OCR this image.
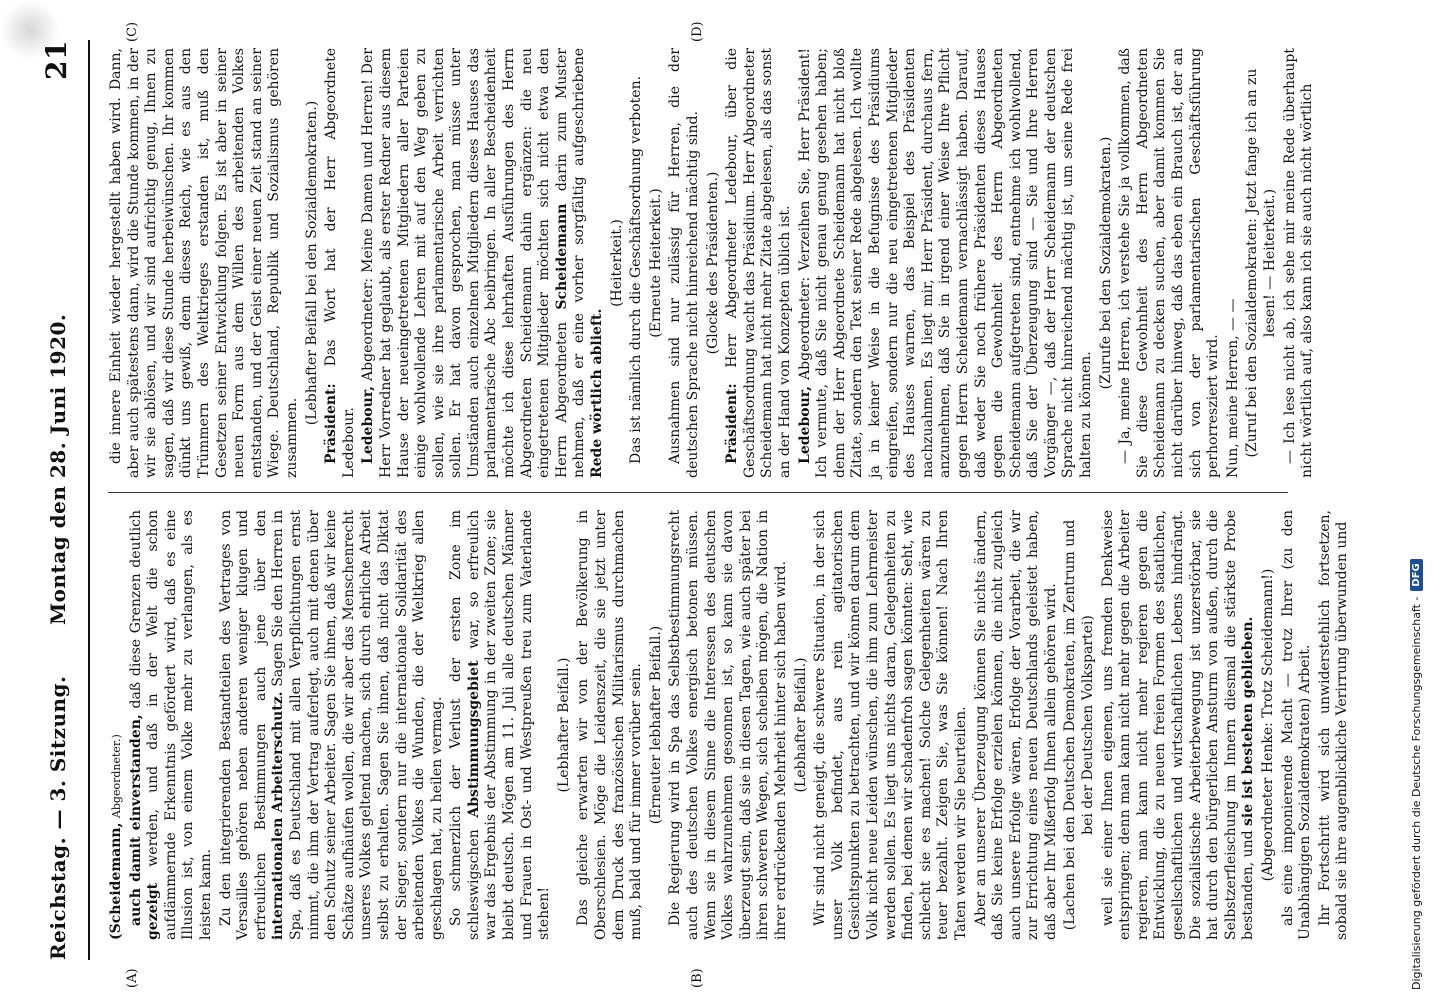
Reichstag. — 3. Sitzung.
Montag den 28. Juni 1920.
21
(A)	(B)
(C)	(D)

(Scheidemann, Abgeordneter.) auch damit einverstanden, daß diese Grenzen deutlich gezeigt werden, und daß in der Welt die schon aufdämmernde Erkenntnis gefördert wird, daß es eine Illusion ist, von einem Volke mehr zu verlangen, als es leisten kann. Zu den integrierenden Bestandteilen des Vertrages von Versailles gehören neben anderen weniger klugen und erfreulichen Bestimmungen auch jene über den internationalen Arbeiterschutz. Sagen Sie den Herren in Spa, daß es Deutschland mit allen Verpflichtungen ernst nimmt, die ihm der Vertrag auferlegt, auch mit denen über den Schutz seiner Arbeiter. Sagen Sie ihnen, daß wir keine Schätze aufhäufen wollen, die wir aber das Menschenrecht unseres Volkes geltend machen, sich durch ehrliche Arbeit selbst zu erhalten. Sagen Sie ihnen, daß nicht das Diktat der Sieger, sondern nur die internationale Solidarität des arbeitenden Volkes die Wunden, die der Weltkrieg allen geschlagen hat, zu heilen vermag. So schmerzlich der Verlust der ersten Zone im schleswigschen Abstimmungsgebiet war, so erfreulich war das Ergebnis der Abstimmung in der zweiten Zone; sie bleibt deutsch. Mögen am 11. Juli alle deutschen Männer und Frauen in Ost- und Westpreußen treu zum Vaterlande stehen!

(Lebhafter Beifall.) Das gleiche erwarten wir von der Bevölkerung in Oberschlesien. Möge die Leidenszeit, die sie jetzt unter dem Druck des französischen Militarismus durchmachen muß, bald und für immer vorüber sein. (Erneuter lebhafter Beifall.) Die Regierung wird in Spa das Selbstbestimmungsrecht auch des deutschen Volkes energisch betonen müssen. Wenn sie in diesem Sinne die Interessen des deutschen Volkes wahrzunehmen gesonnen ist, so kann sie davon überzeugt sein, daß sie in diesen Tagen, wie auch später bei ihren schweren Wegen, sich scheiben mögen, die Nation in ihrer erdrückenden Mehrheit hinter sich haben wird. (Lebhafter Beifall.) Wir sind nicht geneigt, die schwere Situation, in der sich unser Volk befindet, aus rein agitatorischen Gesichtspunkten zu betrachten, und wir können darum dem Volk nicht neue Leiden wünschen, die ihm zum Lehrmeister werden sollen. Es liegt uns nichts daran, Gelegenheiten zu finden, bei denen wir schadenfroh sagen könnten: Seht, wie schlecht sie es machen! Solche Gelegenheiten wären zu teuer bezahlt. Zeigen Sie, was Sie können! Nach Ihren Taten werden wir Sie beurteilen. Aber an unserer Überzeugung können Sie nichts ändern, daß Sie keine Erfolge erzielen können, die nicht zugleich auch unsere Erfolge wären, Erfolge der Vorarbeit, die wir zur Errichtung eines neuen Deutschlands geleistet haben, daß aber Ihr Mißerfolg Ihnen allein gehören wird. (Lachen bei den Deutschen Demokraten, im Zentrum und bei der Deutschen Volkspartei) weil sie einer Ihnen eigenen, uns fremden Denkweise entspringen; denn man kann nicht mehr gegen die Arbeiter regieren, man kann nicht mehr regieren gegen die Entwicklung, die zu neuen freien Formen des staatlichen, gesellschaftlichen und wirtschaftlichen Lebens hindrängt. Die sozialistische Arbeiterbewegung ist unzerstörbar, sie hat durch den bürgerlichen Ansturm von außen, durch die Selbstzerfleischung im Innern diesmal die stärkste Probe bestanden, und sie ist bestehen geblieben. (Abgeordneter Henke: Trotz Scheidemann!) als eine imponierende Macht — trotz Ihrer (zu den Unabhängigen Sozialdemokraten) Arbeit. Ihr Fortschritt wird sich unwiderstehlich fortsetzen, sobald sie ihre augenblickliche Verirrung überwunden und

die innere Einheit wieder hergestellt haben wird. Dann, aber auch spätestens dann, wird die Stunde kommen, in der wir sie ablösen, und wir sind aufrichtig genug, Ihnen zu sagen, daß wir diese Stunde herbeiwünschen. Ihr kommen dünkt uns gewiß, denn dieses Reich, wie es aus den Trümmern des Weltkrieges erstanden ist, muß den Gesetzen seiner Entwicklung folgen. Es ist aber in seiner neuen Form aus dem Willen des arbeitenden Volkes entstanden, und der Geist einer neuen Zeit stand an seiner Wiege. Deutschland, Republik und Sozialismus gehören zusammen.

(Lebhafter Beifall bei den Sozialdemokraten.) Präsident: Das Wort hat der Herr Abgeordnete Ledebour. Ledebour, Abgeordneter: Meine Damen und Herren! Der Herr Vorredner hat geglaubt, als erster Redner aus diesem Hause der neueingetretenen Mitgliedern aller Parteien einige wohlwollende Lehren mit auf den Weg geben zu sollen, wie sie ihre parlamentarische Arbeit verrichten sollen. Er hat davon gesprochen, man müsse unter Umständen auch einzelnen Mitgliedern dieses Hauses das parlamentarische Abc beibringen. In aller Bescheidenheit möchte ich diese lehrhaften Ausführungen des Herrn Abgeordneten Scheidemann dahin ergänzen: die neu eingetretenen Mitglieder möchten sich nicht etwa den Herrn Abgeordneten Scheidemann darin zum Muster nehmen, daß er eine vorher sorgfältig aufgeschriebene Rede wörtlich ablieft.

(Heiterkeit.) Das ist nämlich durch die Geschäftsordnung verboten. (Erneute Heiterkeit.) Ausnahmen sind nur zulässig für Herren, die der deutschen Sprache nicht hinreichend mächtig sind. (Glocke des Präsidenten.)

Präsident: Herr Abgeordneter Ledebour, über die Geschäftsordnung wacht das Präsidium. Herr Abgeordneter Scheidemann hat nicht mehr Zitate abgelesen, als das sonst an der Hand von Konzepten üblich ist. Ledebour, Abgeordneter: Verzeihen Sie, Herr Präsident! Ich vermute, daß Sie nicht genau genug gesehen haben; denn der Herr Abgeordnete Scheidemann hat nicht bloß Zitate, sondern den Text seiner Rede abgelesen. Ich wollte ja in keiner Weise in die Befugnisse des Präsidiums eingreifen, sondern nur die neu eingetretenen Mitglieder des Hauses warnen, das Beispiel des Präsidenten nachzuahmen. Es liegt mir, Herr Präsident, durchaus fern, anzunehmen, daß Sie in irgend einer Weise Ihre Pflicht gegen Herrn Scheidemann vernachlässigt haben. Darauf, daß weder Sie noch frühere Präsidenten dieses Hauses gegen die Gewohnheit des Herrn Abgeordneten Scheidemann aufgetreten sind, entnehme ich wohlwollend, daß Sie der Überzeugung sind — Sie und Ihre Herren Vorgänger —, daß der Herr Scheidemann der deutschen Sprache nicht hinreichend mächtig ist, um seine Rede frei halten zu können.

(Zurufe bei den Sozialdemokraten.) — Ja, meine Herren, ich verstehe Sie ja vollkommen, daß Sie diese Gewohnheit des Herrn Abgeordneten Scheidemann zu decken suchen, aber damit kommen Sie nicht darüber hinweg, daß das eben ein Brauch ist, der an sich von der parlamentarischen Geschäftsführung perhorresziert wird. Nun, meine Herren, — — (Zuruf bei den Sozialdemokraten: Jetzt fange ich an zu lesen! — Heiterkeit.) — Ich lese nicht ab, ich sehe mir meine Rede überhaupt nicht wörtlich auf, also kann ich sie auch nicht wörtlich

Digitalisierung gefördert durch die Deutsche Forschungsgemeinschaft -
DFG
